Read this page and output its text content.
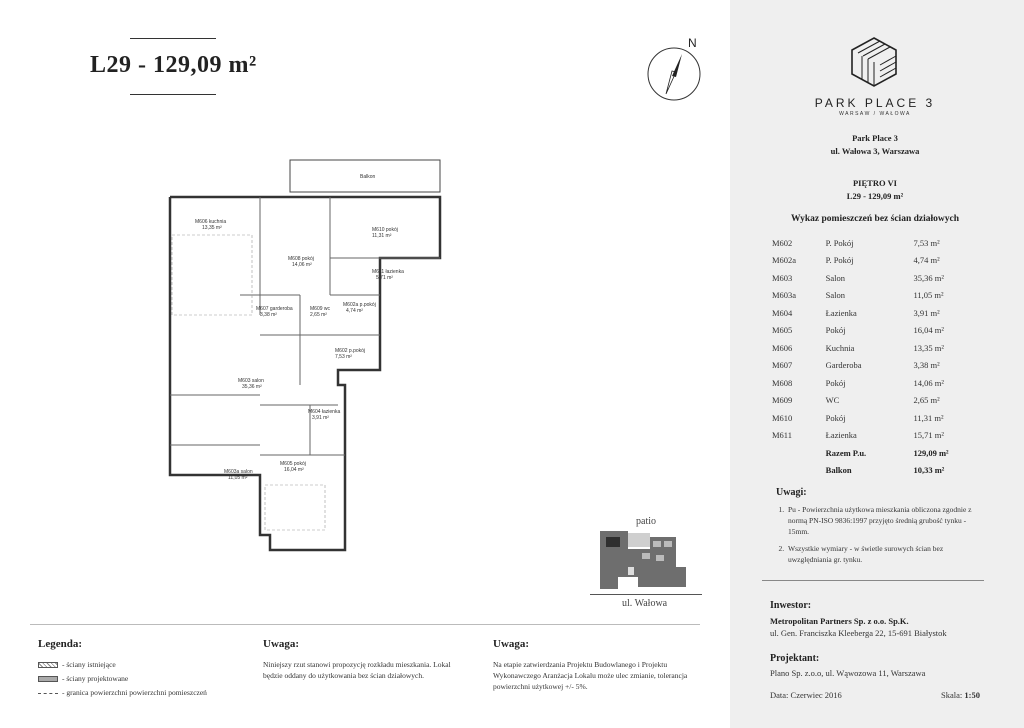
L29 - 129,09 m²
N
Balkon
M606 kuchnia
13,35 m²
M608 pokój
14,06 m²
M610 pokój
11,31 m²
M611 łazienka
5,71 m²
M607 garderoba
3,38 m²
M609 wc
2,65 m²
M602a p.pokój
4,74 m²
M602 p.pokój
7,53 m²
M603 salon
35,36 m²
M604 łazienka
3,91 m²
M605 pokój
16,04 m²
M603a salon
11,05 m²
patio
ul. Wałowa
Legenda:
- ściany istniejące
- ściany projektowane
- granica powierzchni powierzchni pomieszczeń
Uwaga:
Niniejszy rzut stanowi propozycję rozkładu mieszkania. Lokal będzie oddany do użytkowania bez ścian działowych.
Uwaga:
Na etapie zatwierdzania Projektu Budowlanego i Projektu Wykonawczego Aranżacja Lokalu może ulec zmianie, tolerancja powierzchni użytkowej +/- 5%.
PARK PLACE 3
WARSAW / WAŁOWA
Park Place 3
ul. Wałowa 3, Warszawa
PIĘTRO VI
L29 - 129,09 m²
Wykaz pomieszczeń bez ścian działowych
M602	P. Pokój	7,53 m²
M602a	P. Pokój	4,74 m²
M603	Salon	35,36 m²
M603a	Salon	11,05 m²
M604	Łazienka	3,91 m²
M605	Pokój	16,04 m²
M606	Kuchnia	13,35 m²
M607	Garderoba	3,38 m²
M608	Pokój	14,06 m²
M609	WC	2,65 m²
M610	Pokój	11,31 m²
M611	Łazienka	15,71 m²
Razem P.u.	129,09 m²
Balkon	10,33 m²
Uwagi:
1. Pu - Powierzchnia użytkowa mieszkania obliczona zgodnie z normą PN-ISO 9836:1997 przyjęto średnią grubość tynku - 15mm.
2. Wszystkie wymiary - w świetle surowych ścian bez uwzględniania gr. tynku.
Inwestor:
Metropolitan Partners Sp. z o.o. Sp.K.
ul. Gen. Franciszka Kleeberga 22, 15-691 Białystok
Projektant:
Plano Sp. z.o.o, ul. Wąwozowa 11, Warszawa
Data: Czerwiec 2016	Skala: 1:50
